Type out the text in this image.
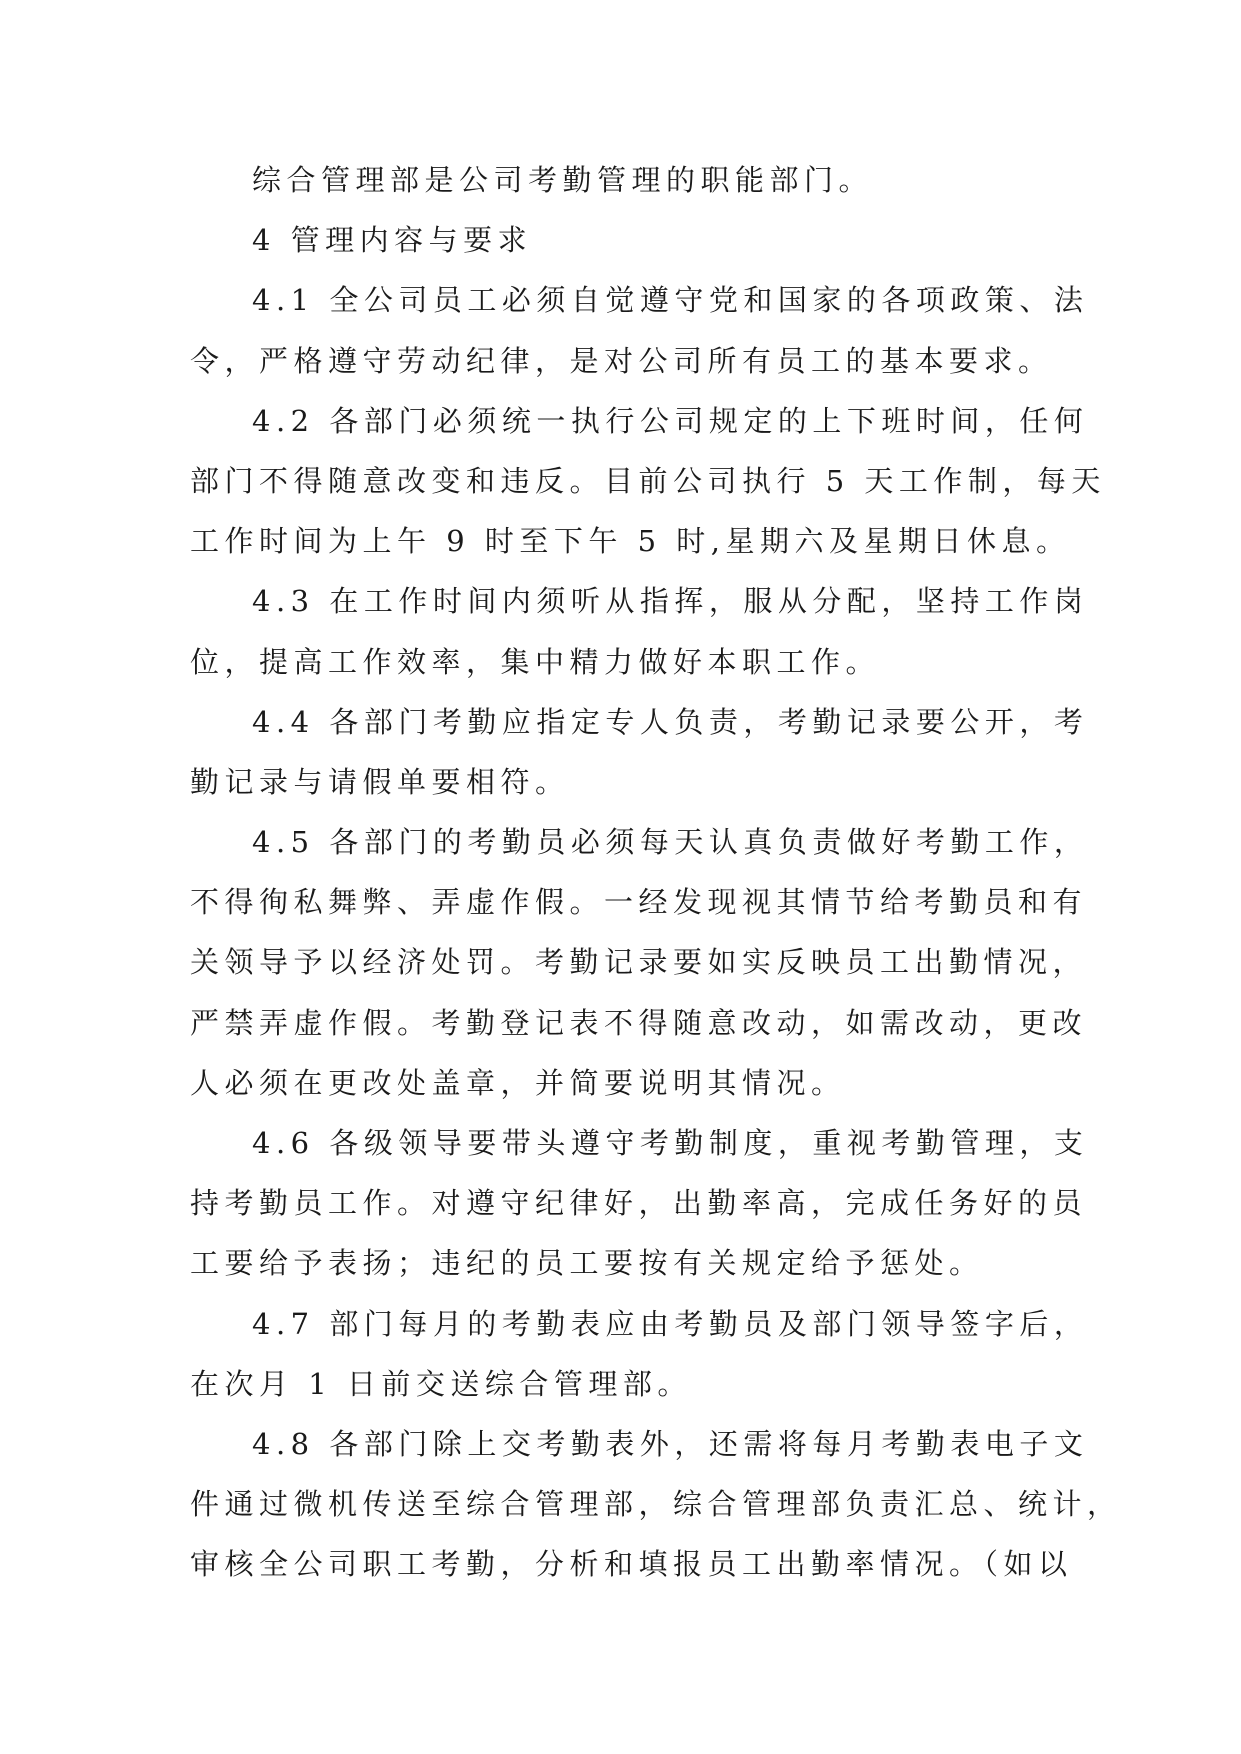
综合管理部是公司考勤管理的职能部门。
4 管理内容与要求
4.1 全公司员工必须自觉遵守党和国家的各项政策、法
令，严格遵守劳动纪律，是对公司所有员工的基本要求。
4.2 各部门必须统一执行公司规定的上下班时间，任何
部门不得随意改变和违反。目前公司执行 5 天工作制，每天
工作时间为上午 9 时至下午 5 时,星期六及星期日休息。
4.3 在工作时间内须听从指挥，服从分配，坚持工作岗
位，提高工作效率，集中精力做好本职工作。
4.4 各部门考勤应指定专人负责，考勤记录要公开，考
勤记录与请假单要相符。
4.5 各部门的考勤员必须每天认真负责做好考勤工作，
不得徇私舞弊、弄虚作假。一经发现视其情节给考勤员和有
关领导予以经济处罚。考勤记录要如实反映员工出勤情况，
严禁弄虚作假。考勤登记表不得随意改动，如需改动，更改
人必须在更改处盖章，并简要说明其情况。
4.6 各级领导要带头遵守考勤制度，重视考勤管理，支
持考勤员工作。对遵守纪律好，出勤率高，完成任务好的员
工要给予表扬；违纪的员工要按有关规定给予惩处。
4.7 部门每月的考勤表应由考勤员及部门领导签字后，
在次月 1 日前交送综合管理部。
4.8 各部门除上交考勤表外，还需将每月考勤表电子文
件通过微机传送至综合管理部，综合管理部负责汇总、统计，
审核全公司职工考勤，分析和填报员工出勤率情况。（如以
